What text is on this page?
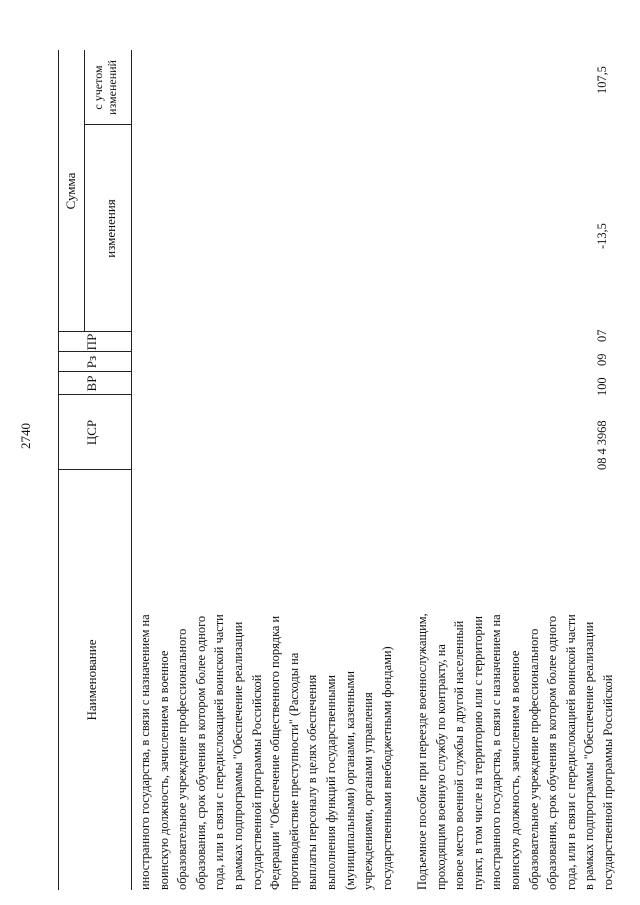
2740
Наименование
ЦСР
ВР
Рз
ПР
Сумма
изменения
с учетом изменений
иностранного государства, в связи с назначением на воинскую должность, зачислением в военное образовательное учреждение профессионального образования, срок обучения в котором более одного года, или в связи с передислокацией воинской части в рамках подпрограммы "Обеспечение реализации государственной программы Российской Федерации "Обеспечение общественного порядка и противодействие преступности" (Расходы на выплаты персоналу в целях обеспечения выполнения функций государственными (муниципальными) органами, казенными учреждениями, органами управления государственными внебюджетными фондами) Подъемное пособие при переезде военнослужащим, проходящим военную службу по контракту, на новое место военной службы в другой населенный пункт, в том числе на территорию или с территории иностранного государства, в связи с назначением на воинскую должность, зачислением в военное образовательное учреждение профессионального образования, срок обучения в котором более одного года, или в связи с передислокацией воинской части в рамках подпрограммы "Обеспечение реализации государственной программы Российской
08 4 3968
100
09
07
-13,5
107,5
